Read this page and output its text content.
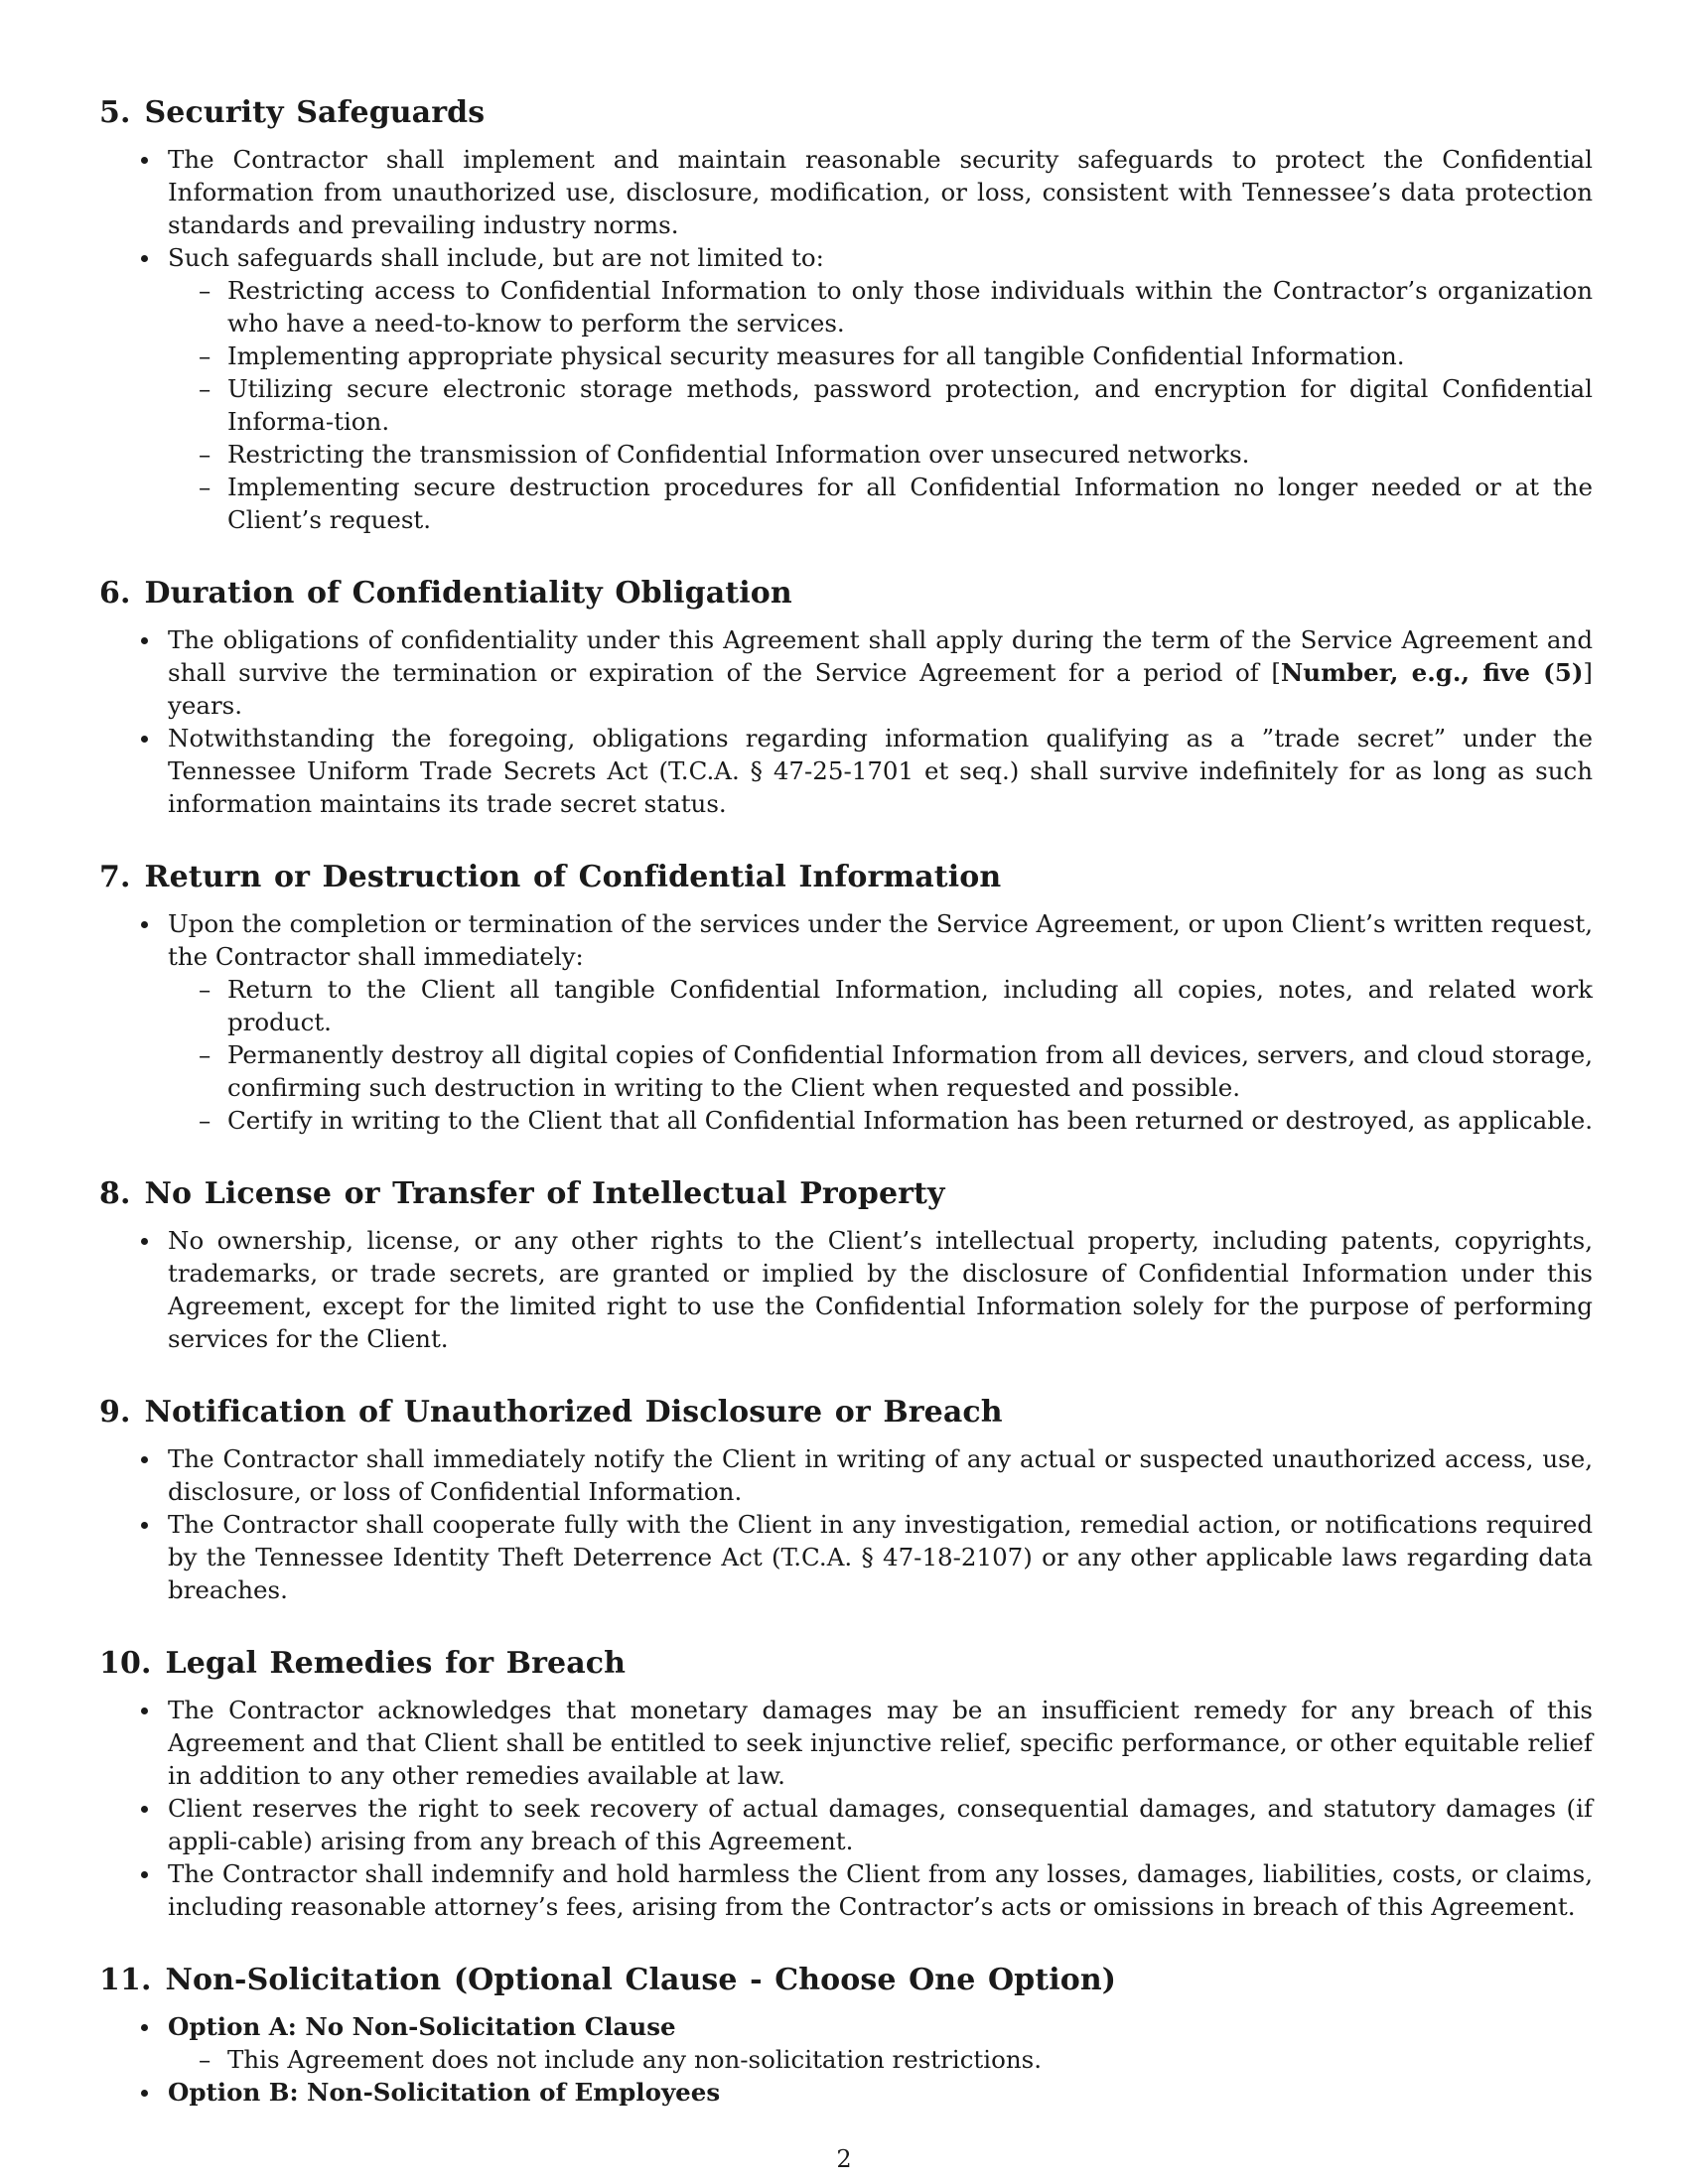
5. Security Safeguards
The Contractor shall implement and maintain reasonable security safeguards to protect the Confidential Information from unauthorized use, disclosure, modification, or loss, consistent with Tennessee’s data protection standards and prevailing industry norms.
Such safeguards shall include, but are not limited to:
– Restricting access to Confidential Information to only those individuals within the Contractor’s organization who have a need-to-know to perform the services.
– Implementing appropriate physical security measures for all tangible Confidential Information.
– Utilizing secure electronic storage methods, password protection, and encryption for digital Confidential Informa-tion.
– Restricting the transmission of Confidential Information over unsecured networks.
– Implementing secure destruction procedures for all Confidential Information no longer needed or at the Client’s request.
6. Duration of Confidentiality Obligation
The obligations of confidentiality under this Agreement shall apply during the term of the Service Agreement and shall survive the termination or expiration of the Service Agreement for a period of [Number, e.g., five (5)] years.
Notwithstanding the foregoing, obligations regarding information qualifying as a ”trade secret” under the Tennessee Uniform Trade Secrets Act (T.C.A. § 47-25-1701 et seq.) shall survive indefinitely for as long as such information maintains its trade secret status.
7. Return or Destruction of Confidential Information
Upon the completion or termination of the services under the Service Agreement, or upon Client’s written request, the Contractor shall immediately:
– Return to the Client all tangible Confidential Information, including all copies, notes, and related work product.
– Permanently destroy all digital copies of Confidential Information from all devices, servers, and cloud storage, confirming such destruction in writing to the Client when requested and possible.
– Certify in writing to the Client that all Confidential Information has been returned or destroyed, as applicable.
8. No License or Transfer of Intellectual Property
No ownership, license, or any other rights to the Client’s intellectual property, including patents, copyrights, trademarks, or trade secrets, are granted or implied by the disclosure of Confidential Information under this Agreement, except for the limited right to use the Confidential Information solely for the purpose of performing services for the Client.
9. Notification of Unauthorized Disclosure or Breach
The Contractor shall immediately notify the Client in writing of any actual or suspected unauthorized access, use, disclosure, or loss of Confidential Information.
The Contractor shall cooperate fully with the Client in any investigation, remedial action, or notifications required by the Tennessee Identity Theft Deterrence Act (T.C.A. § 47-18-2107) or any other applicable laws regarding data breaches.
10. Legal Remedies for Breach
The Contractor acknowledges that monetary damages may be an insufficient remedy for any breach of this Agreement and that Client shall be entitled to seek injunctive relief, specific performance, or other equitable relief in addition to any other remedies available at law.
Client reserves the right to seek recovery of actual damages, consequential damages, and statutory damages (if appli-cable) arising from any breach of this Agreement.
The Contractor shall indemnify and hold harmless the Client from any losses, damages, liabilities, costs, or claims, including reasonable attorney’s fees, arising from the Contractor’s acts or omissions in breach of this Agreement.
11. Non-Solicitation (Optional Clause - Choose One Option)
Option A: No Non-Solicitation Clause
– This Agreement does not include any non-solicitation restrictions.
Option B: Non-Solicitation of Employees
2
